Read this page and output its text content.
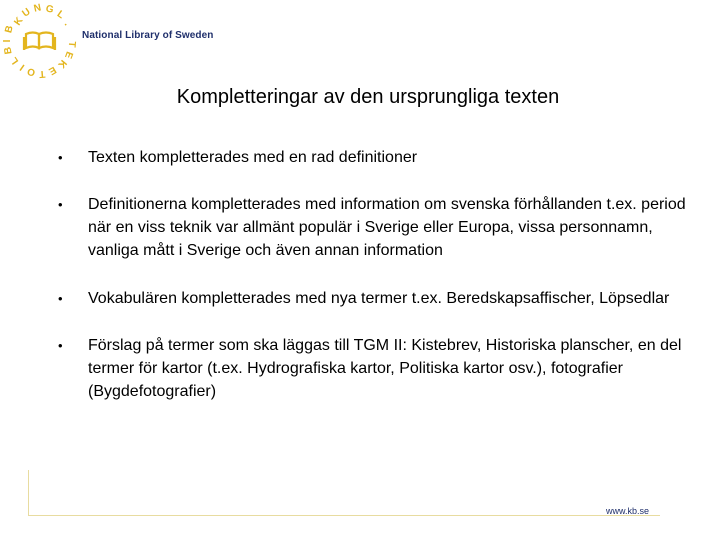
K
U N G L
.
B
I
B
L
I O T E
K
E
T
National Library of Sweden
Kompletteringar av den ursprungliga texten
•	Texten kompletterades med en rad definitioner
•	Definitionerna kompletterades med information om svenska förhållanden t.ex. period när en viss teknik var allmänt populär i Sverige eller Europa, vissa personnamn, vanliga mått i Sverige och även annan information
•	Vokabulären kompletterades med nya termer t.ex. Beredskapsaffischer, Löpsedlar
•	Förslag på termer som ska läggas till TGM II: Kistebrev, Historiska planscher, en del termer för kartor (t.ex. Hydrografiska kartor, Politiska kartor osv.), fotografier (Bygdefotografier)
www.kb.se
